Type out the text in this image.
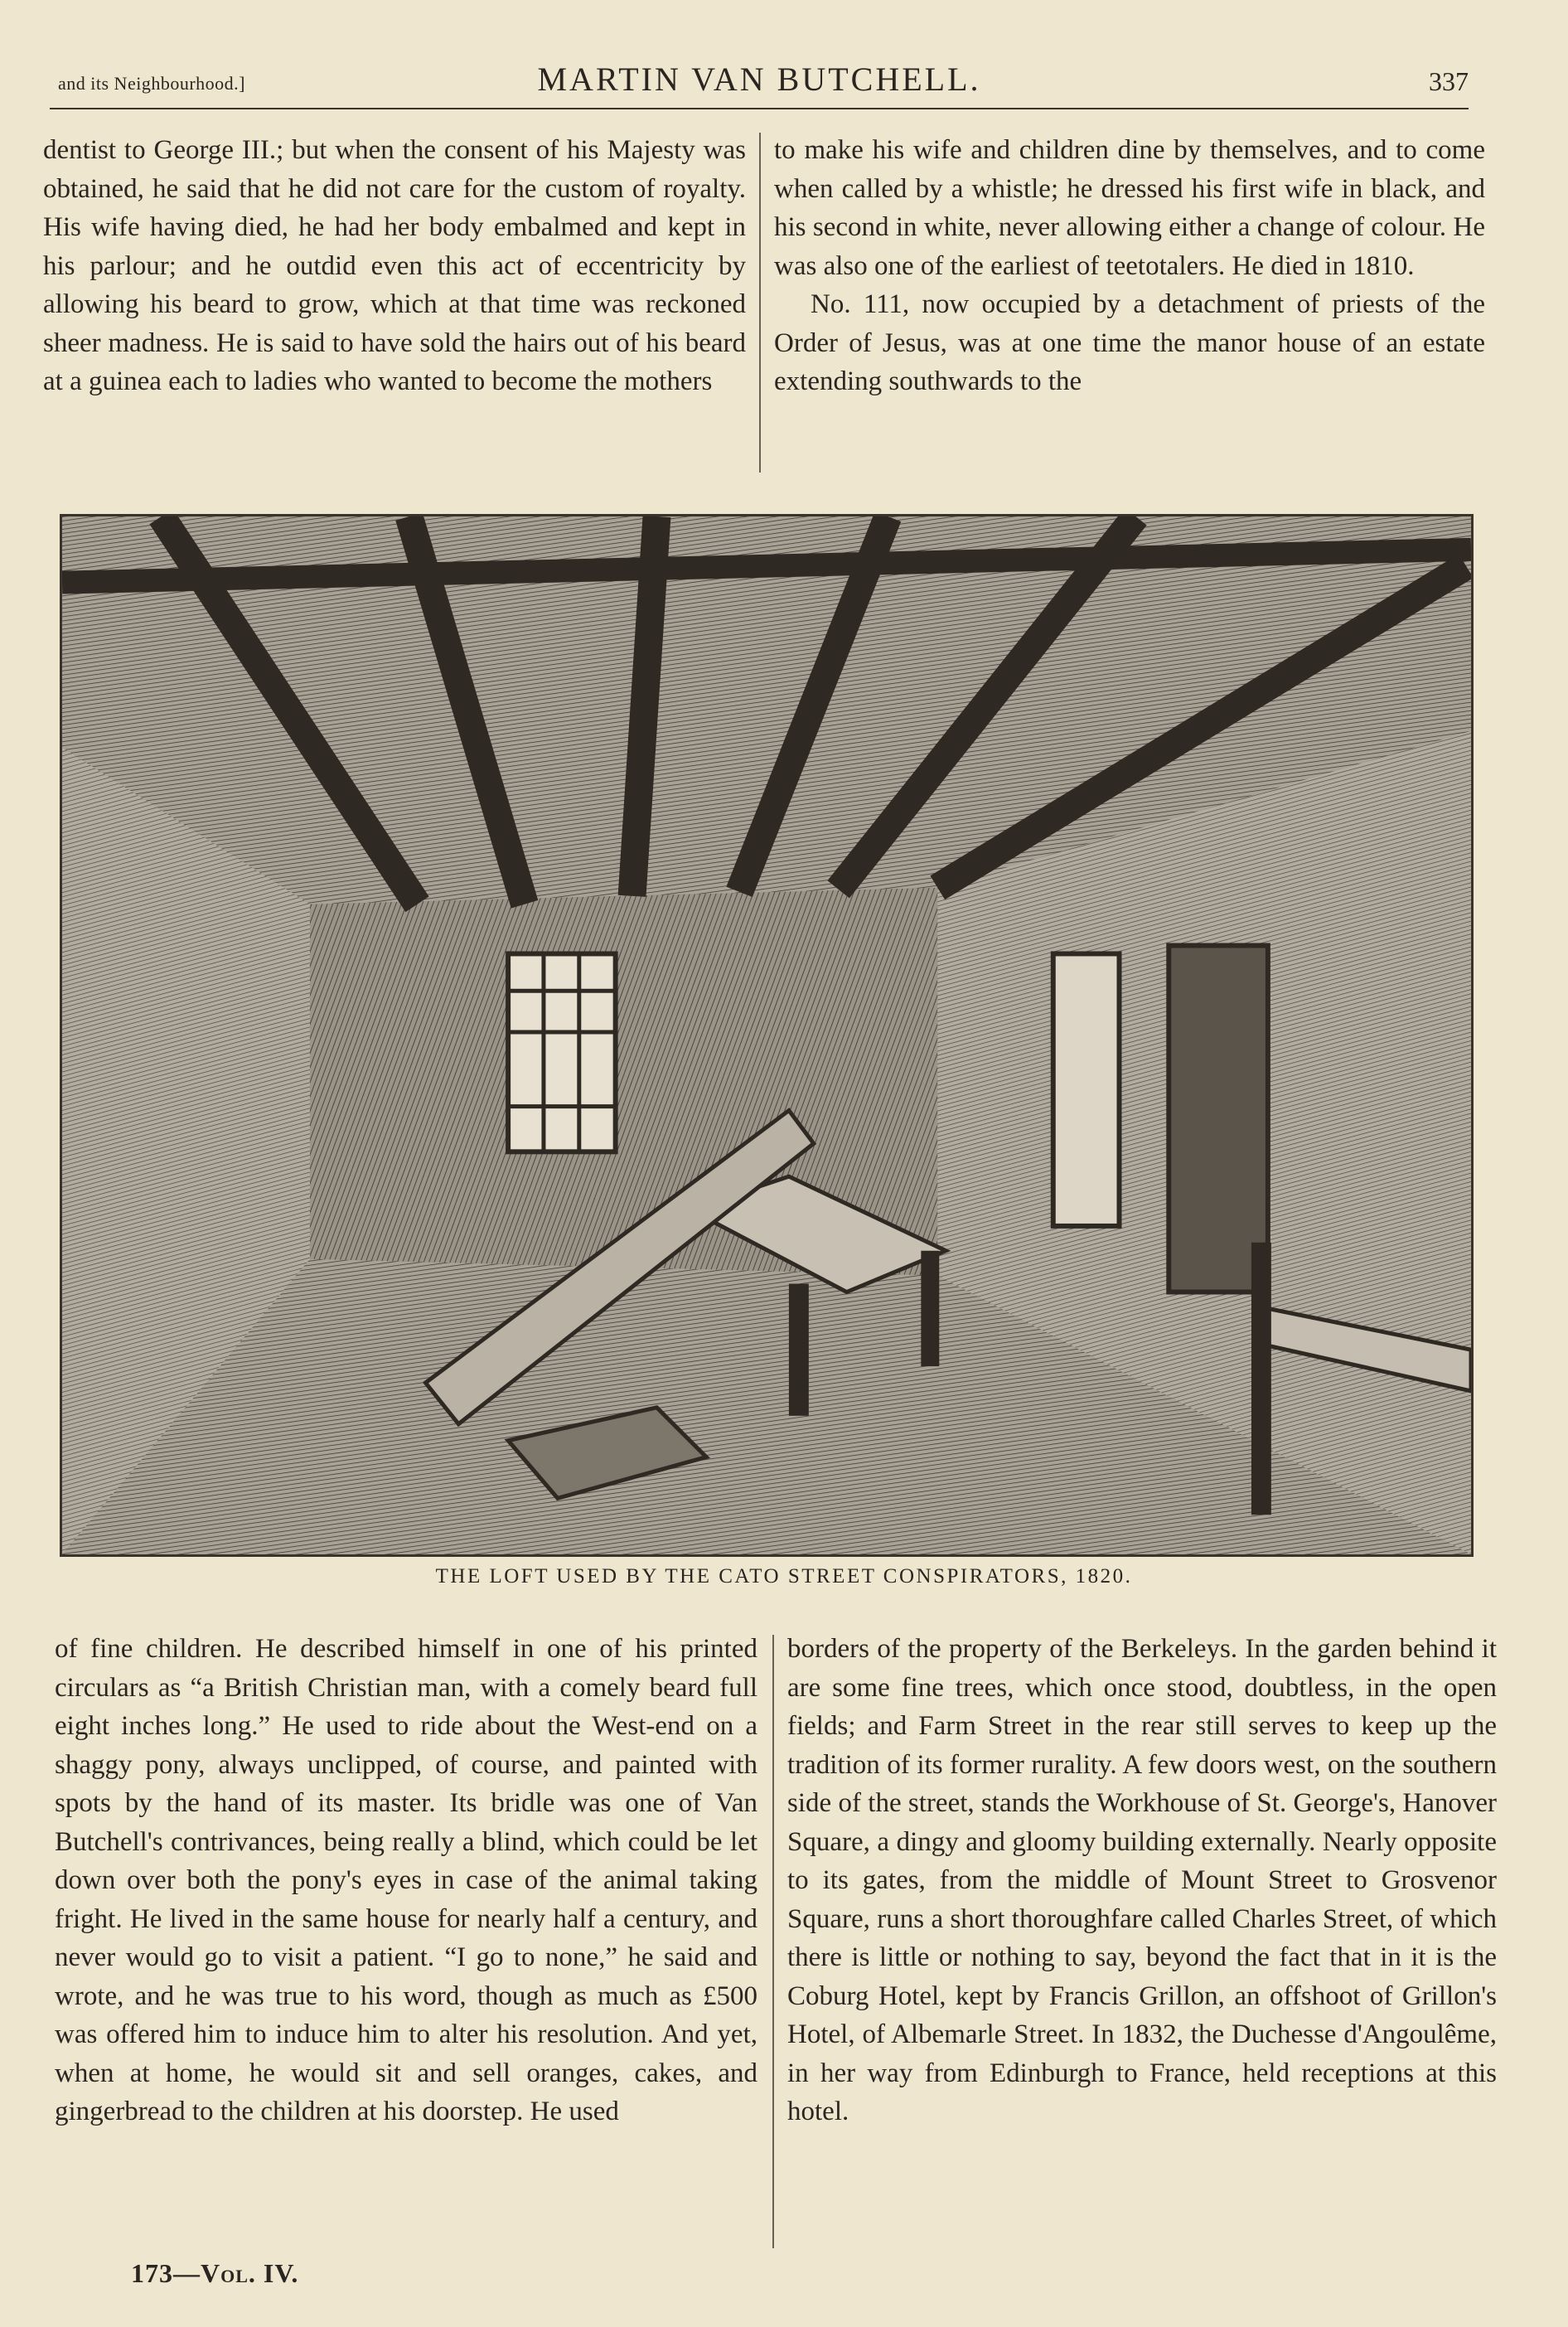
and its Neighbourhood.]	MARTIN VAN BUTCHELL.	337

dentist to George III.; but when the consent of his Majesty was obtained, he said that he did not care for the custom of royalty. His wife having died, he had her body embalmed and kept in his parlour; and he outdid even this act of eccentricity by allowing his beard to grow, which at that time was reckoned sheer madness. He is said to have sold the hairs out of his beard at a guinea each to ladies who wanted to become the mothers

to make his wife and children dine by themselves, and to come when called by a whistle; he dressed his first wife in black, and his second in white, never allowing either a change of colour. He was also one of the earliest of teetotalers. He died in 1810.

No. 111, now occupied by a detachment of priests of the Order of Jesus, was at one time the manor house of an estate extending southwards to the

THE LOFT USED BY THE CATO STREET CONSPIRATORS, 1820.

of fine children. He described himself in one of his printed circulars as “a British Christian man, with a comely beard full eight inches long.” He used to ride about the West-end on a shaggy pony, always unclipped, of course, and painted with spots by the hand of its master. Its bridle was one of Van Butchell's contrivances, being really a blind, which could be let down over both the pony's eyes in case of the animal taking fright. He lived in the same house for nearly half a century, and never would go to visit a patient. “I go to none,” he said and wrote, and he was true to his word, though as much as £500 was offered him to induce him to alter his resolution. And yet, when at home, he would sit and sell oranges, cakes, and gingerbread to the children at his doorstep. He used

borders of the property of the Berkeleys. In the garden behind it are some fine trees, which once stood, doubtless, in the open fields; and Farm Street in the rear still serves to keep up the tradition of its former rurality. A few doors west, on the southern side of the street, stands the Workhouse of St. George's, Hanover Square, a dingy and gloomy building externally. Nearly opposite to its gates, from the middle of Mount Street to Grosvenor Square, runs a short thoroughfare called Charles Street, of which there is little or nothing to say, beyond the fact that in it is the Coburg Hotel, kept by Francis Grillon, an offshoot of Grillon's Hotel, of Albemarle Street. In 1832, the Duchesse d'Angoulême, in her way from Edinburgh to France, held receptions at this hotel.

173—Vol. IV.
